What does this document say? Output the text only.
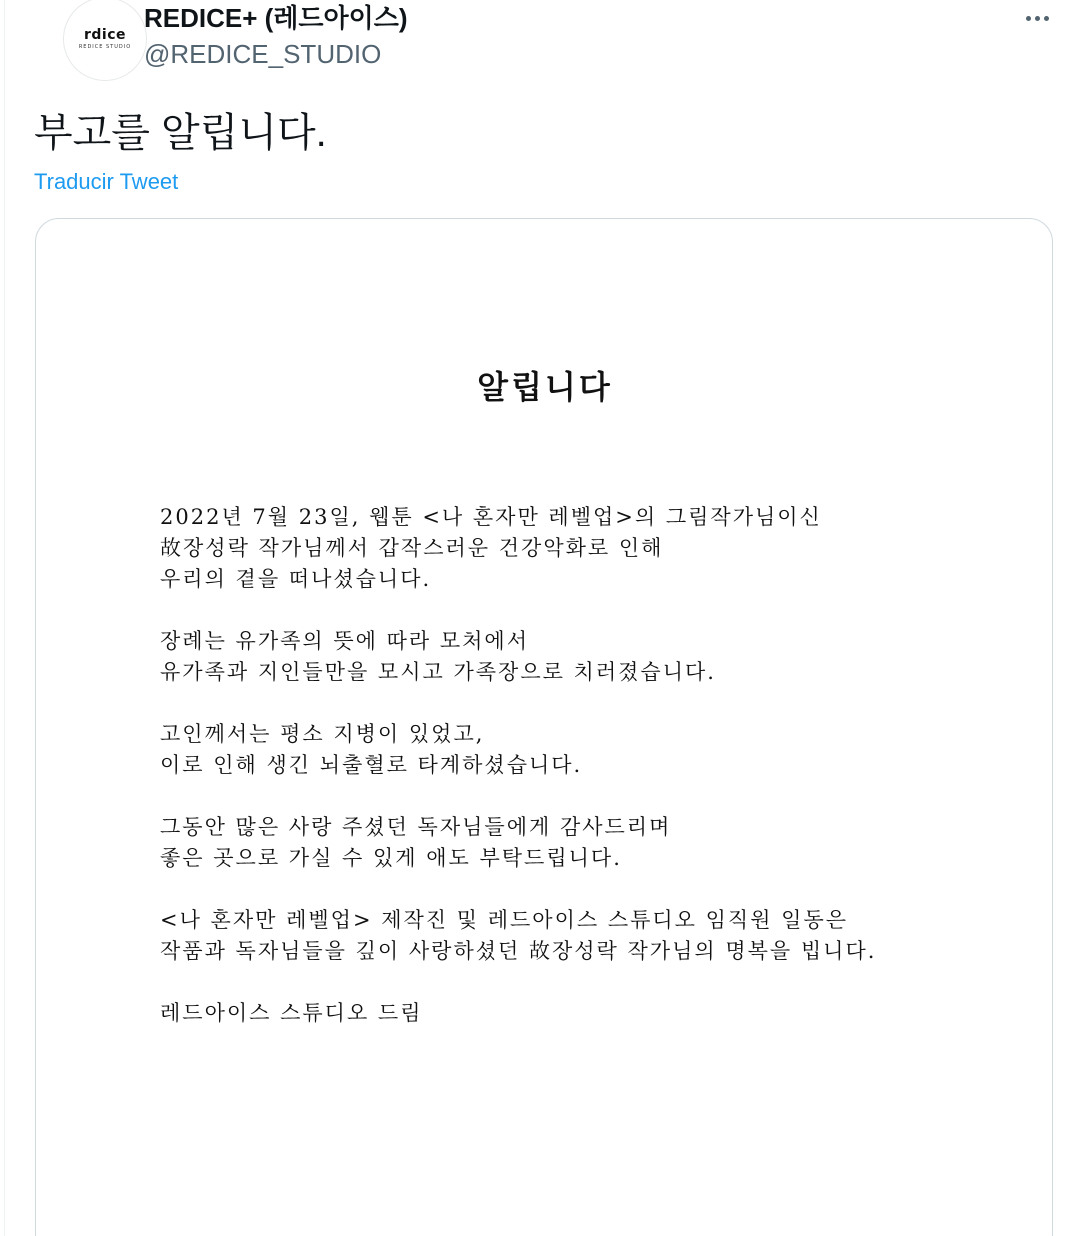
rdice
REDICE STUDIO
REDICE+ (레드아이스)
@REDICE_STUDIO
부고를 알립니다.
Traducir Tweet
알립니다
2022년 7월 23일, 웹툰 <나 혼자만 레벨업>의 그림작가님이신
故장성락 작가님께서 갑작스러운 건강악화로 인해
우리의 곁을 떠나셨습니다.
장례는 유가족의 뜻에 따라 모처에서
유가족과 지인들만을 모시고 가족장으로 치러졌습니다.
고인께서는 평소 지병이 있었고,
이로 인해 생긴 뇌출혈로 타계하셨습니다.
그동안 많은 사랑 주셨던 독자님들에게 감사드리며
좋은 곳으로 가실 수 있게 애도 부탁드립니다.
<나 혼자만 레벨업> 제작진 및 레드아이스 스튜디오 임직원 일동은
작품과 독자님들을 깊이 사랑하셨던 故장성락 작가님의 명복을 빕니다.
레드아이스 스튜디오 드림
